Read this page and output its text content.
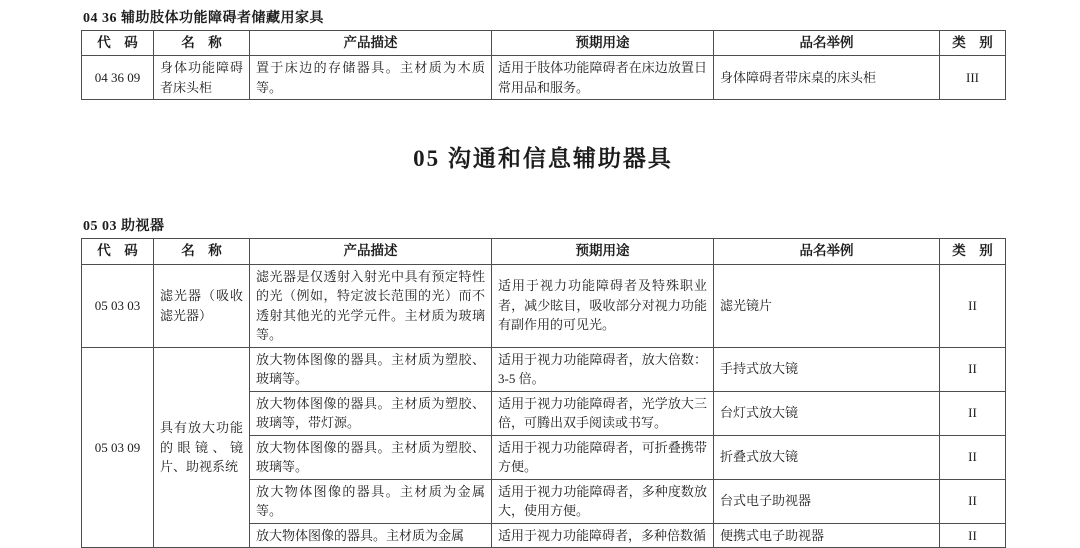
04 36 辅助肢体功能障碍者储藏用家具
代　码	名　称	产品描述	预期用途	品名举例	类　别
04 36 09	身体功能障碍者床头柜	置于床边的存储器具。主材质为木质等。	适用于肢体功能障碍者在床边放置日常用品和服务。	身体障碍者带床桌的床头柜	III
05 沟通和信息辅助器具
05 03 助视器
代　码	名　称	产品描述	预期用途	品名举例	类　别
05 03 03	滤光器（吸收滤光器）	滤光器是仅透射入射光中具有预定特性的光（例如，特定波长范围的光）而不透射其他光的光学元件。主材质为玻璃等。	适用于视力功能障碍者及特殊职业者，减少眩目，吸收部分对视力功能有副作用的可见光。	滤光镜片	II
05 03 09	具有放大功能的眼镜、镜片、助视系统	放大物体图像的器具。主材质为塑胶、玻璃等。	适用于视力功能障碍者，放大倍数：3-5 倍。	手持式放大镜	II
		放大物体图像的器具。主材质为塑胶、玻璃等，带灯源。	适用于视力功能障碍者，光学放大三倍，可腾出双手阅读或书写。	台灯式放大镜	II
		放大物体图像的器具。主材质为塑胶、玻璃等。	适用于视力功能障碍者，可折叠携带方便。	折叠式放大镜	II
		放大物体图像的器具。主材质为金属等。	适用于视力功能障碍者，多种度数放大，使用方便。	台式电子助视器	II
		放大物体图像的器具。主材质为金属	适用于视力功能障碍者，多种倍数循	便携式电子助视器	II
